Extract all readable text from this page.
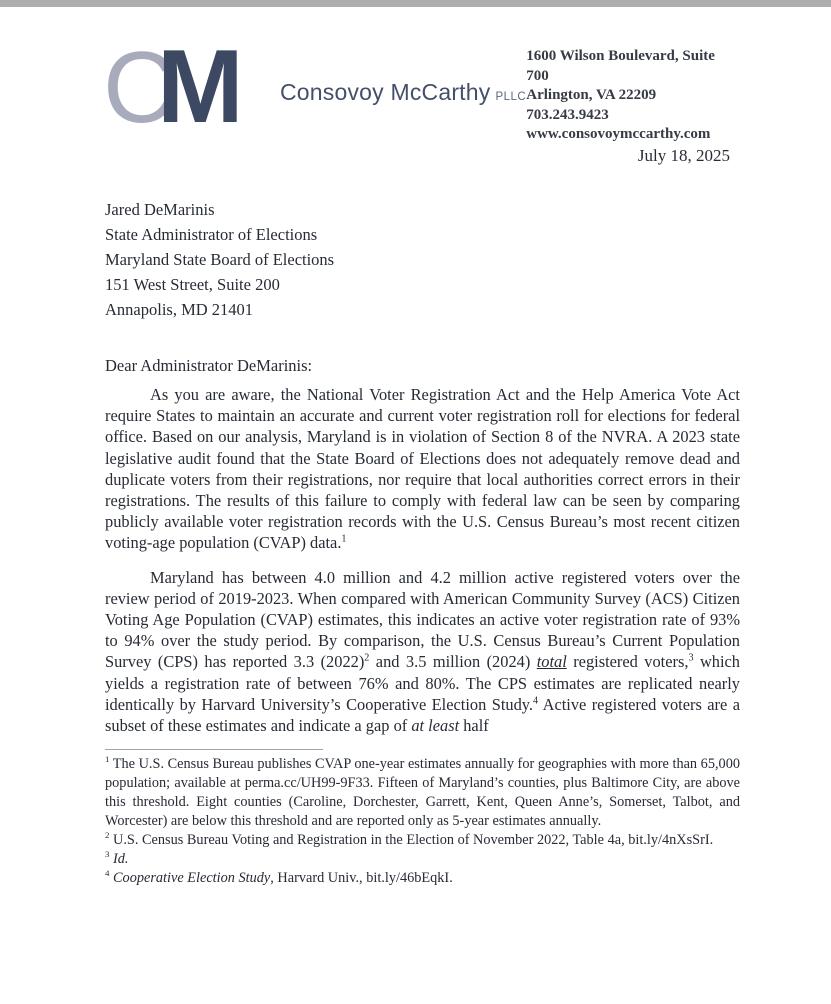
C
M Consovoy McCarthy PLLC
1600 Wilson Boulevard, Suite 700
Arlington, VA 22209
703.243.9423
www.consovoymccarthy.com
July 18, 2025
Jared DeMarinis
State Administrator of Elections
Maryland State Board of Elections
151 West Street, Suite 200
Annapolis, MD 21401
Dear Administrator DeMarinis:

As you are aware, the National Voter Registration Act and the Help America Vote Act require States to maintain an accurate and current voter registration roll for elections for federal office. Based on our analysis, Maryland is in violation of Section 8 of the NVRA. A 2023 state legislative audit found that the State Board of Elections does not adequately remove dead and duplicate voters from their registrations, nor require that local authorities correct errors in their registrations. The results of this failure to comply with federal law can be seen by comparing publicly available voter registration records with the U.S. Census Bureau’s most recent citizen voting-age population (CVAP) data.$^1$

Maryland has between 4.0 million and 4.2 million active registered voters over the review period of 2019-2023. When compared with American Community Survey (ACS) Citizen Voting Age Population (CVAP) estimates, this indicates an active voter registration rate of 93% to 94% over the study period. By comparison, the U.S. Census Bureau’s Current Population Survey (CPS) has reported 3.3 $(2022)^2$ and 3.5 million (2024) total registered voters,$^3$ which yields a registration rate of between 76% and 80%. The CPS estimates are replicated nearly identically by Harvard University’s Cooperative Election Study.$^4$ Active registered voters are a subset of these estimates and indicate a gap of at least half

$^1$ The U.S. Census Bureau publishes CVAP one-year estimates annually for geographies with more than 65,000 population; available at perma.cc/UH99-9F33. Fifteen of Maryland’s counties, plus Baltimore City, are above this threshold. Eight counties (Caroline, Dorchester, Garrett, Kent, Queen Anne’s, Somerset, Talbot, and Worcester) are below this threshold and are reported only as 5-year estimates annually.
$^2$ U.S. Census Bureau Voting and Registration in the Election of November 2022, Table 4a, bit.ly/4nXsSrI.
$^3$ Id.
$^4$ Cooperative Election Study, Harvard Univ., bit.ly/46bEqkI.
